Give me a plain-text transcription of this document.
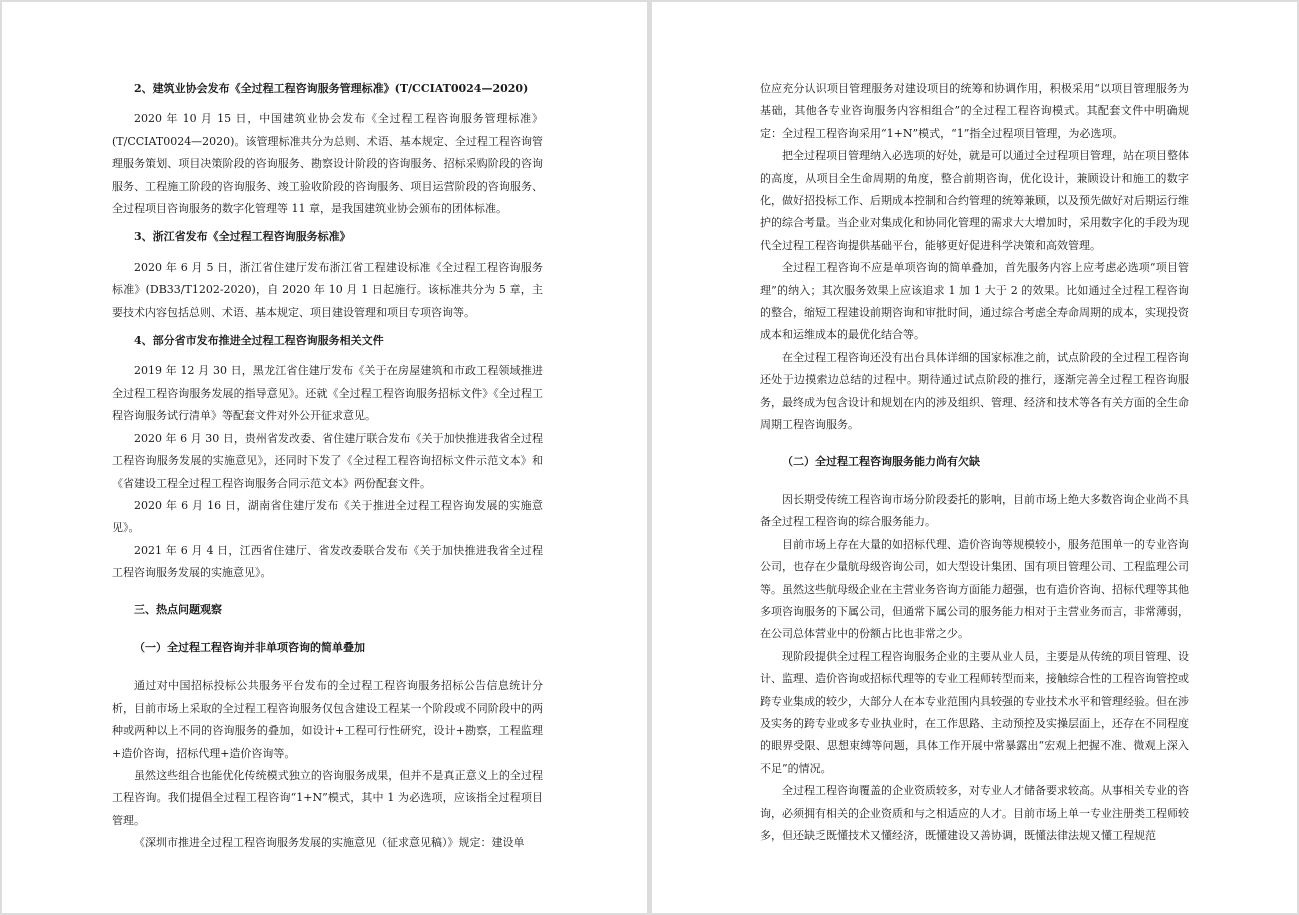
2、建筑业协会发布《全过程工程咨询服务管理标准》(T/CCIAT0024—2020)

2020 年 10 月 15 日，中国建筑业协会发布《全过程工程咨询服务管理标准》(T/CCIAT0024—2020)。该管理标准共分为总则、术语、基本规定、全过程工程咨询管理服务策划、项目决策阶段的咨询服务、勘察设计阶段的咨询服务、招标采购阶段的咨询服务、工程施工阶段的咨询服务、竣工验收阶段的咨询服务、项目运营阶段的咨询服务、全过程项目咨询服务的数字化管理等 11 章，是我国建筑业协会颁布的团体标准。

3、浙江省发布《全过程工程咨询服务标准》

2020 年 6 月 5 日，浙江省住建厅发布浙江省工程建设标准《全过程工程咨询服务标准》(DB33/T1202-2020)，自 2020 年 10 月 1 日起施行。该标准共分为 5 章，主要技术内容包括总则、术语、基本规定、项目建设管理和项目专项咨询等。

4、部分省市发布推进全过程工程咨询服务相关文件

2019 年 12 月 30 日，黑龙江省住建厅发布《关于在房屋建筑和市政工程领域推进全过程工程咨询服务发展的指导意见》。还就《全过程工程咨询服务招标文件》《全过程工程咨询服务试行清单》等配套文件对外公开征求意见。

2020 年 6 月 30 日，贵州省发改委、省住建厅联合发布《关于加快推进我省全过程工程咨询服务发展的实施意见》，还同时下发了《全过程工程咨询招标文件示范文本》和《省建设工程全过程工程咨询服务合同示范文本》两份配套文件。

2020 年 6 月 16 日，湖南省住建厅发布《关于推进全过程工程咨询发展的实施意见》。

2021 年 6 月 4 日，江西省住建厅、省发改委联合发布《关于加快推进我省全过程工程咨询服务发展的实施意见》。

三、热点问题观察
（一）全过程工程咨询并非单项咨询的简单叠加

通过对中国招标投标公共服务平台发布的全过程工程咨询服务招标公告信息统计分析，目前市场上采取的全过程工程咨询服务仅包含建设工程某一个阶段或不同阶段中的两种或两种以上不同的咨询服务的叠加，如设计+工程可行性研究，设计+勘察，工程监理+造价咨询，招标代理+造价咨询等。

虽然这些组合也能优化传统模式独立的咨询服务成果，但并不是真正意义上的全过程工程咨询。我们提倡全过程工程咨询“1+N”模式，其中 1 为必选项，应该指全过程项目管理。

《深圳市推进全过程工程咨询服务发展的实施意见（征求意见稿）》规定：建设单

位应充分认识项目管理服务对建设项目的统筹和协调作用，积极采用“以项目管理服务为基础，其他各专业咨询服务内容相组合”的全过程工程咨询模式。其配套文件中明确规定：全过程工程咨询采用“1+N”模式，“1”指全过程项目管理，为必选项。

把全过程项目管理纳入必选项的好处，就是可以通过全过程项目管理，站在项目整体的高度，从项目全生命周期的角度，整合前期咨询，优化设计，兼顾设计和施工的数字化，做好招投标工作、后期成本控制和合约管理的统筹兼顾，以及预先做好对后期运行维护的综合考量。当企业对集成化和协同化管理的需求大大增加时，采用数字化的手段为现代全过程工程咨询提供基础平台，能够更好促进科学决策和高效管理。

全过程工程咨询不应是单项咨询的简单叠加，首先服务内容上应考虑必选项“项目管理”的纳入；其次服务效果上应该追求 1 加 1 大于 2 的效果。比如通过全过程工程咨询的整合，缩短工程建设前期咨询和审批时间，通过综合考虑全寿命周期的成本，实现投资成本和运维成本的最优化结合等。

在全过程工程咨询还没有出台具体详细的国家标准之前，试点阶段的全过程工程咨询还处于边摸索边总结的过程中。期待通过试点阶段的推行，逐渐完善全过程工程咨询服务，最终成为包含设计和规划在内的涉及组织、管理、经济和技术等各有关方面的全生命周期工程咨询服务。

（二）全过程工程咨询服务能力尚有欠缺

因长期受传统工程咨询市场分阶段委托的影响，目前市场上绝大多数咨询企业尚不具备全过程工程咨询的综合服务能力。

目前市场上存在大量的如招标代理、造价咨询等规模较小，服务范围单一的专业咨询公司，也存在少量航母级咨询公司，如大型设计集团、国有项目管理公司、工程监理公司等。虽然这些航母级企业在主营业务咨询方面能力超强，也有造价咨询、招标代理等其他多项咨询服务的下属公司，但通常下属公司的服务能力相对于主营业务而言，非常薄弱，在公司总体营业中的份额占比也非常之少。

现阶段提供全过程工程咨询服务企业的主要从业人员，主要是从传统的项目管理、设计、监理、造价咨询或招标代理等的专业工程师转型而来，接触综合性的工程咨询管控或跨专业集成的较少，大部分人在本专业范围内具较强的专业技术水平和管理经验。但在涉及实务的跨专业或多专业执业时，在工作思路、主动预控及实操层面上，还存在不同程度的眼界受限、思想束缚等问题，具体工作开展中常暴露出“宏观上把握不准、微观上深入不足”的情况。

全过程工程咨询覆盖的企业资质较多，对专业人才储备要求较高。从事相关专业的咨询，必须拥有相关的企业资质和与之相适应的人才。目前市场上单一专业注册类工程师较多，但还缺乏既懂技术又懂经济，既懂建设又善协调，既懂法律法规又懂工程规范
